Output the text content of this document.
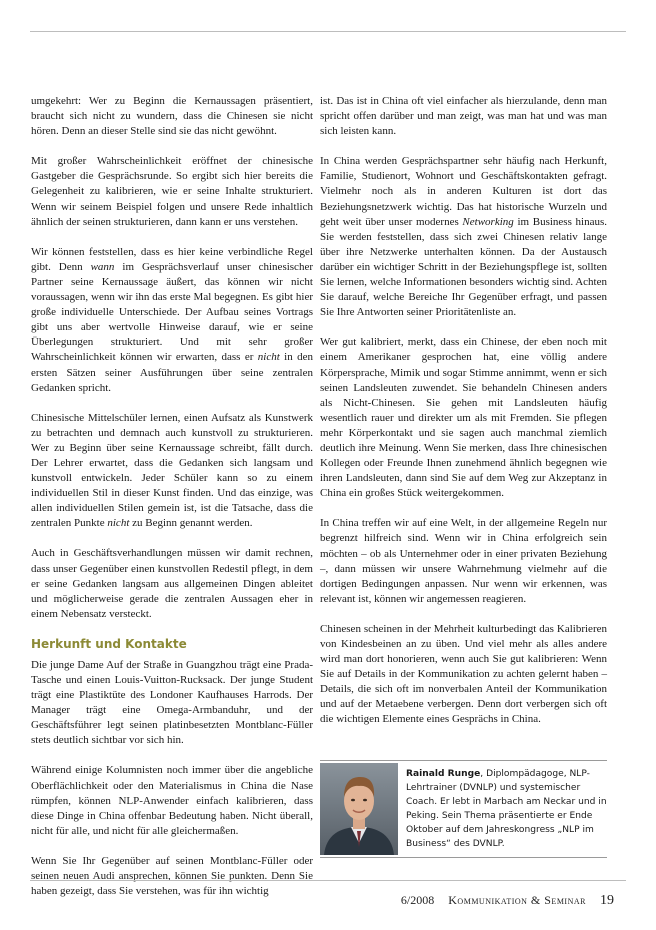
umgekehrt: Wer zu Beginn die Kernaussagen präsentiert, braucht sich nicht zu wundern, dass die Chinesen sie nicht hören. Denn an dieser Stelle sind sie das nicht gewöhnt.

Mit großer Wahrscheinlichkeit eröffnet der chinesische Gastgeber die Gesprächsrunde. So ergibt sich hier bereits die Gelegenheit zu kalibrieren, wie er seine Inhalte strukturiert. Wenn wir seinem Beispiel folgen und unsere Rede inhaltlich ähnlich der seinen strukturieren, dann kann er uns verstehen.

Wir können feststellen, dass es hier keine verbindliche Regel gibt. Denn wann im Gesprächsverlauf unser chinesischer Partner seine Kernaussage äußert, das können wir nicht voraussagen, wenn wir ihn das erste Mal begegnen. Es gibt hier große individuelle Unterschiede. Der Aufbau seines Vortrags gibt uns aber wertvolle Hinweise darauf, wie er seine Überlegungen strukturiert. Und mit sehr großer Wahrscheinlichkeit können wir erwarten, dass er nicht in den ersten Sätzen seiner Ausführungen über seine zentralen Gedanken spricht.

Chinesische Mittelschüler lernen, einen Aufsatz als Kunstwerk zu betrachten und demnach auch kunstvoll zu strukturieren. Wer zu Beginn über seine Kernaussage schreibt, fällt durch. Der Lehrer erwartet, dass die Gedanken sich langsam und kunstvoll entwickeln. Jeder Schüler kann so zu einem individuellen Stil in dieser Kunst finden. Und das einzige, was allen individuellen Stilen gemein ist, ist die Tatsache, dass die zentralen Punkte nicht zu Beginn genannt werden.

Auch in Geschäftsverhandlungen müssen wir damit rechnen, dass unser Gegenüber einen kunstvollen Redestil pflegt, in dem er seine Gedanken langsam aus allgemeinen Dingen ableitet und möglicherweise gerade die zentralen Aussagen eher in einem Nebensatz versteckt.

Herkunft und Kontakte

Die junge Dame Auf der Straße in Guangzhou trägt eine Prada-Tasche und einen Louis-Vuitton-Rucksack. Der junge Student trägt eine Plastiktüte des Londoner Kaufhauses Harrods. Der Manager trägt eine Omega-Armbanduhr, und der Geschäftsführer legt seinen platinbesetzten Montblanc-Füller stets deutlich sichtbar vor sich hin.

Während einige Kolumnisten noch immer über die angebliche Oberflächlichkeit oder den Materialismus in China die Nase rümpfen, können NLP-Anwender einfach kalibrieren, dass diese Dinge in China offenbar Bedeutung haben. Nicht überall, nicht für alle, und nicht für alle gleichermaßen.

Wenn Sie Ihr Gegenüber auf seinen Montblanc-Füller oder seinen neuen Audi ansprechen, können Sie punkten. Denn Sie haben gezeigt, dass Sie verstehen, was für ihn wichtig

ist. Das ist in China oft viel einfacher als hierzulande, denn man spricht offen darüber und man zeigt, was man hat und was man sich leisten kann.

In China werden Gesprächspartner sehr häufig nach Herkunft, Familie, Studienort, Wohnort und Geschäftskontakten gefragt. Vielmehr noch als in anderen Kulturen ist dort das Beziehungsnetzwerk wichtig. Das hat historische Wurzeln und geht weit über unser modernes Networking im Business hinaus. Sie werden feststellen, dass sich zwei Chinesen relativ lange über ihre Netzwerke unterhalten können. Da der Austausch darüber ein wichtiger Schritt in der Beziehungspflege ist, sollten Sie lernen, welche Informationen besonders wichtig sind. Achten Sie darauf, welche Bereiche Ihr Gegenüber erfragt, und passen Sie Ihre Antworten seiner Prioritätenliste an.

Wer gut kalibriert, merkt, dass ein Chinese, der eben noch mit einem Amerikaner gesprochen hat, eine völlig andere Körpersprache, Mimik und sogar Stimme annimmt, wenn er sich seinen Landsleuten zuwendet. Sie behandeln Chinesen anders als Nicht-Chinesen. Sie gehen mit Landsleuten häufig wesentlich rauer und direkter um als mit Fremden. Sie pflegen mehr Körperkontakt und sie sagen auch manchmal ziemlich deutlich ihre Meinung. Wenn Sie merken, dass Ihre chinesischen Kollegen oder Freunde Ihnen zunehmend ähnlich begegnen wie ihren Landsleuten, dann sind Sie auf dem Weg zur Akzeptanz in China ein großes Stück weitergekommen.

In China treffen wir auf eine Welt, in der allgemeine Regeln nur begrenzt hilfreich sind. Wenn wir in China erfolgreich sein möchten – ob als Unternehmer oder in einer privaten Beziehung –, dann müssen wir unsere Wahrnehmung vielmehr auf die dortigen Bedingungen anpassen. Nur wenn wir erkennen, was relevant ist, können wir angemessen reagieren.

Chinesen scheinen in der Mehrheit kulturbedingt das Kalibrieren von Kindesbeinen an zu üben. Und viel mehr als alles andere wird man dort honorieren, wenn auch Sie gut kalibrieren: Wenn Sie auf Details in der Kommunikation zu achten gelernt haben – Details, die sich oft im nonverbalen Anteil der Kommunikation und auf der Metaebene verbergen. Denn dort verbergen sich oft die wichtigen Elemente eines Gesprächs in China.

Rainald Runge, Diplompädagoge, NLP-Lehrtrainer (DVNLP) und systemischer Coach. Er lebt in Marbach am Neckar und in Peking. Sein Thema präsentierte er Ende Oktober auf dem Jahreskongress „NLP im Business“ des DVNLP.
6/2008 Kommunikation & Seminar 19
